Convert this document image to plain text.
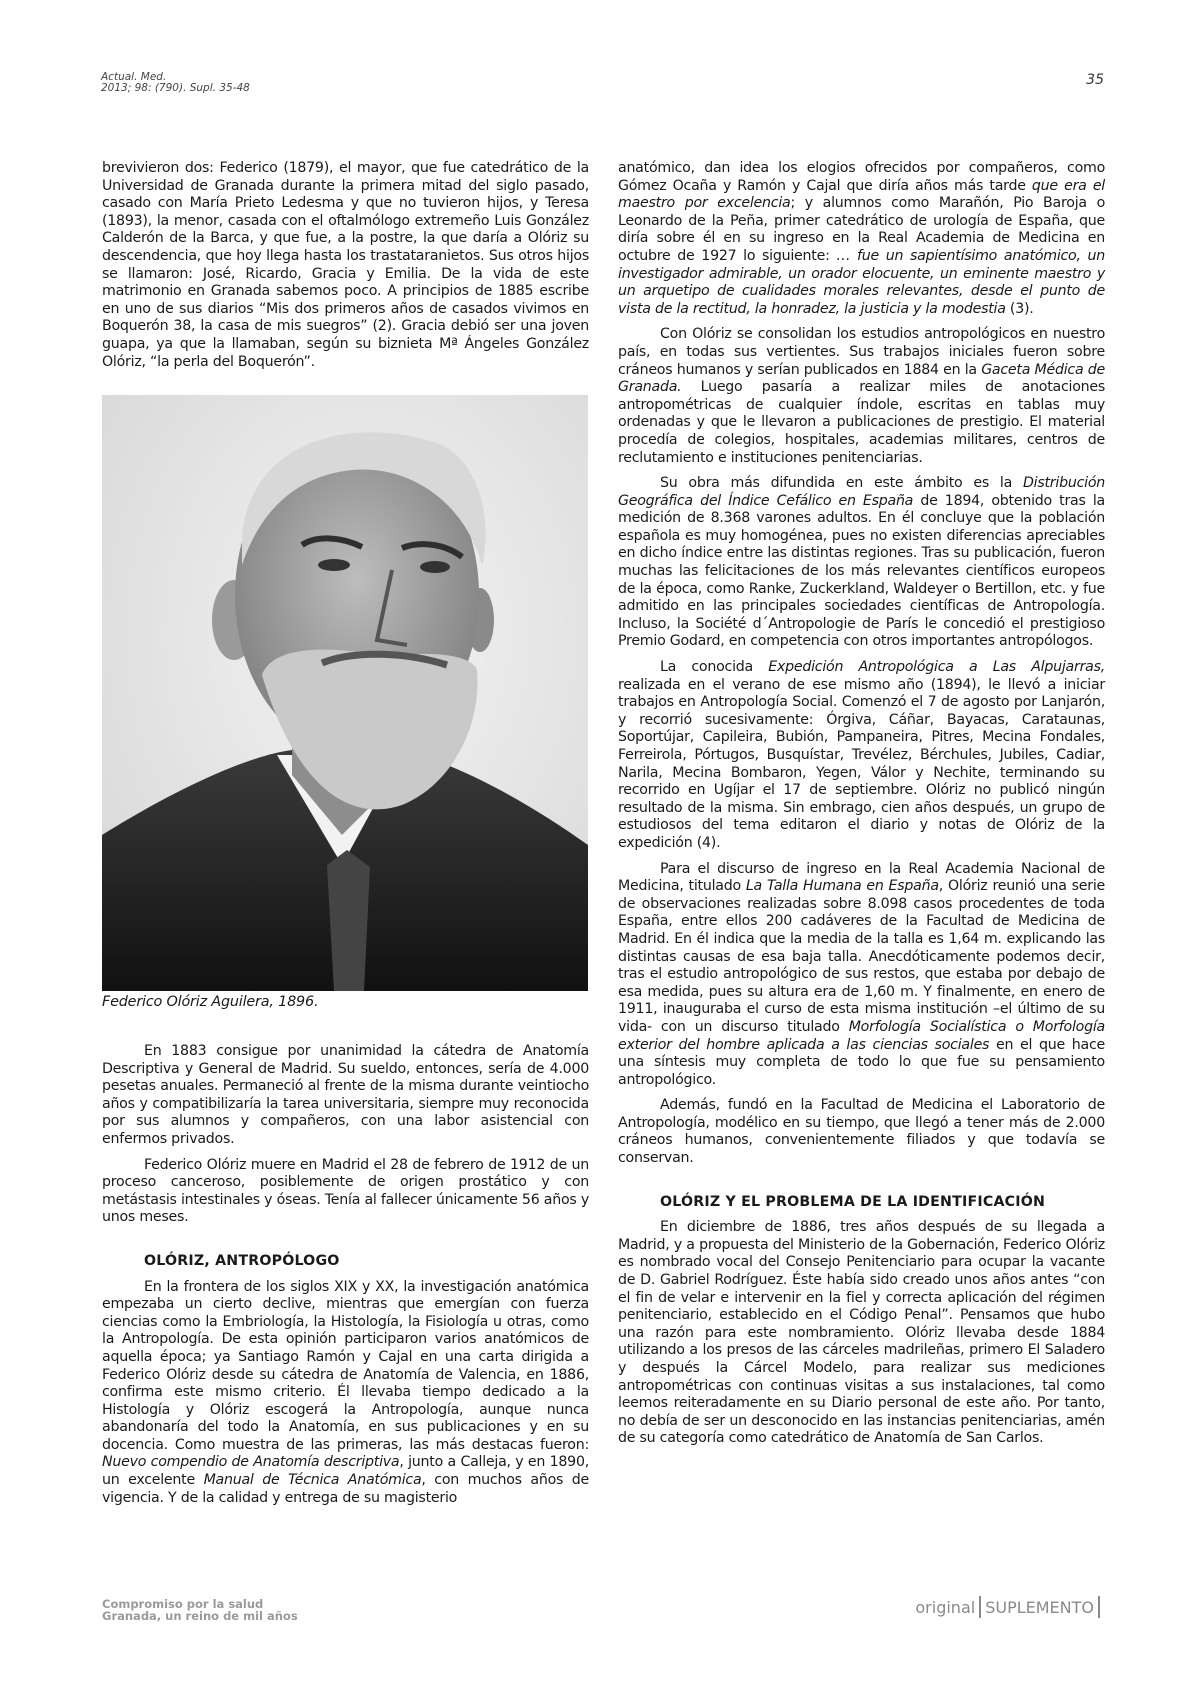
Actual. Med.
2013; 98: (790). Supl. 35-48	35

brevivieron dos: Federico (1879), el mayor, que fue catedrático de la Universidad de Granada durante la primera mitad del siglo pasado, casado con María Prieto Ledesma y que no tuvieron hijos, y Teresa (1893), la menor, casada con el oftalmólogo extremeño Luis González Calderón de la Barca, y que fue, a la postre, la que daría a Olóriz su descendencia, que hoy llega hasta los trastataranietos. Sus otros hijos se llamaron: José, Ricardo, Gracia y Emilia. De la vida de este matrimonio en Granada sabemos poco. A principios de 1885 escribe en uno de sus diarios “Mis dos primeros años de casados vivimos en Boquerón 38, la casa de mis suegros” (2). Gracia debió ser una joven guapa, ya que la llamaban, según su biznieta Mª Ángeles González Olóriz, “la perla del Boquerón”.

Federico Olóriz Aguilera, 1896.

En 1883 consigue por unanimidad la cátedra de Anatomía Descriptiva y General de Madrid. Su sueldo, entonces, sería de 4.000 pesetas anuales. Permaneció al frente de la misma durante veintiocho años y compatibilizaría la tarea universitaria, siempre muy reconocida por sus alumnos y compañeros, con una labor asistencial con enfermos privados.

Federico Olóriz muere en Madrid el 28 de febrero de 1912 de un proceso canceroso, posiblemente de origen prostático y con metástasis intestinales y óseas. Tenía al fallecer únicamente 56 años y unos meses.

OLÓRIZ, ANTROPÓLOGO

En la frontera de los siglos XIX y XX, la investigación anatómica empezaba un cierto declive, mientras que emergían con fuerza ciencias como la Embriología, la Histología, la Fisiología u otras, como la Antropología. De esta opinión participaron varios anatómicos de aquella época; ya Santiago Ramón y Cajal en una carta dirigida a Federico Olóriz desde su cátedra de Anatomía de Valencia, en 1886, confirma este mismo criterio. Él llevaba tiempo dedicado a la Histología y Olóriz escogerá la Antropología, aunque nunca abandonaría del todo la Anatomía, en sus publicaciones y en su docencia. Como muestra de las primeras, las más destacas fueron: Nuevo compendio de Anatomía descriptiva, junto a Calleja, y en 1890, un excelente Manual de Técnica Anatómica, con muchos años de vigencia. Y de la calidad y entrega de su magisterio

anatómico, dan idea los elogios ofrecidos por compañeros, como Gómez Ocaña y Ramón y Cajal que diría años más tarde que era el maestro por excelencia; y alumnos como Marañón, Pio Baroja o Leonardo de la Peña, primer catedrático de urología de España, que diría sobre él en su ingreso en la Real Academia de Medicina en octubre de 1927 lo siguiente: … fue un sapientísimo anatómico, un investigador admirable, un orador elocuente, un eminente maestro y un arquetipo de cualidades morales relevantes, desde el punto de vista de la rectitud, la honradez, la justicia y la modestia (3).

Con Olóriz se consolidan los estudios antropológicos en nuestro país, en todas sus vertientes. Sus trabajos iniciales fueron sobre cráneos humanos y serían publicados en 1884 en la Gaceta Médica de Granada. Luego pasaría a realizar miles de anotaciones antropométricas de cualquier índole, escritas en tablas muy ordenadas y que le llevaron a publicaciones de prestigio. El material procedía de colegios, hospitales, academias militares, centros de reclutamiento e instituciones penitenciarias.

Su obra más difundida en este ámbito es la Distribución Geográfica del Índice Cefálico en España de 1894, obtenido tras la medición de 8.368 varones adultos. En él concluye que la población española es muy homogénea, pues no existen diferencias apreciables en dicho índice entre las distintas regiones. Tras su publicación, fueron muchas las felicitaciones de los más relevantes científicos europeos de la época, como Ranke, Zuckerkland, Waldeyer o Bertillon, etc. y fue admitido en las principales sociedades científicas de Antropología. Incluso, la Société d´Antropologie de París le concedió el prestigioso Premio Godard, en competencia con otros importantes antropólogos.

La conocida Expedición Antropológica a Las Alpujarras, realizada en el verano de ese mismo año (1894), le llevó a iniciar trabajos en Antropología Social. Comenzó el 7 de agosto por Lanjarón, y recorrió sucesivamente: Órgiva, Cáñar, Bayacas, Carataunas, Soportújar, Capileira, Bubión, Pampaneira, Pitres, Mecina Fondales, Ferreirola, Pórtugos, Busquístar, Trevélez, Bérchules, Jubiles, Cadiar, Narila, Mecina Bombaron, Yegen, Válor y Nechite, terminando su recorrido en Ugíjar el 17 de septiembre. Olóriz no publicó ningún resultado de la misma. Sin embrago, cien años después, un grupo de estudiosos del tema editaron el diario y notas de Olóriz de la expedición (4).

Para el discurso de ingreso en la Real Academia Nacional de Medicina, titulado La Talla Humana en España, Olóriz reunió una serie de observaciones realizadas sobre 8.098 casos procedentes de toda España, entre ellos 200 cadáveres de la Facultad de Medicina de Madrid. En él indica que la media de la talla es 1,64 m. explicando las distintas causas de esa baja talla. Anecdóticamente podemos decir, tras el estudio antropológico de sus restos, que estaba por debajo de esa medida, pues su altura era de 1,60 m. Y finalmente, en enero de 1911, inauguraba el curso de esta misma institución –el último de su vida- con un discurso titulado Morfología Socialística o Morfología exterior del hombre aplicada a las ciencias sociales en el que hace una síntesis muy completa de todo lo que fue su pensamiento antropológico.

Además, fundó en la Facultad de Medicina el Laboratorio de Antropología, modélico en su tiempo, que llegó a tener más de 2.000 cráneos humanos, convenientemente filiados y que todavía se conservan.

OLÓRIZ Y EL PROBLEMA DE LA IDENTIFICACIÓN

En diciembre de 1886, tres años después de su llegada a Madrid, y a propuesta del Ministerio de la Gobernación, Federico Olóriz es nombrado vocal del Consejo Penitenciario para ocupar la vacante de D. Gabriel Rodríguez. Éste había sido creado unos años antes “con el fin de velar e intervenir en la fiel y correcta aplicación del régimen penitenciario, establecido en el Código Penal”. Pensamos que hubo una razón para este nombramiento. Olóriz llevaba desde 1884 utilizando a los presos de las cárceles madrileñas, primero El Saladero y después la Cárcel Modelo, para realizar sus mediciones antropométricas con continuas visitas a sus instalaciones, tal como leemos reiteradamente en su Diario personal de este año. Por tanto, no debía de ser un desconocido en las instancias penitenciarias, amén de su categoría como catedrático de Anatomía de San Carlos.

Compromiso por la salud
Granada, un reino de mil años	original SUPLEMENTO
